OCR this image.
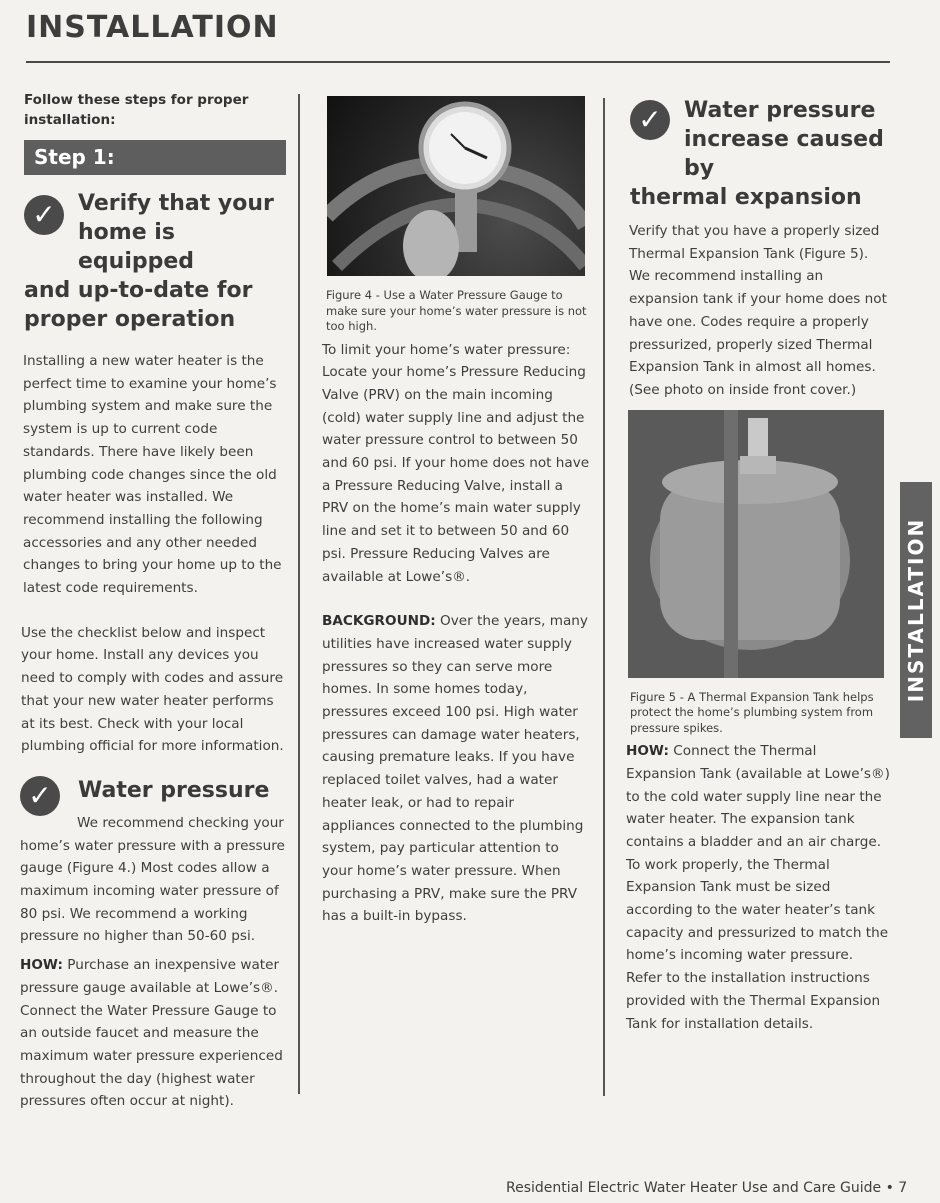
INSTALLATION
Follow these steps for proper installation:
Step 1:
✓	Verify that your
home is equipped
and up-to-date for proper operation

Installing a new water heater is the perfect time to examine your home’s plumbing system and make sure the system is up to current code standards. There have likely been plumbing code changes since the old water heater was installed. We recommend installing the following accessories and any other needed changes to bring your home up to the latest code requirements.

Use the checklist below and inspect your home. Install any devices you need to comply with codes and assure that your new water heater performs at its best. Check with your local plumbing official for more information.

✓	Water pressure

We recommend checking your
home’s water pressure with a pressure gauge (Figure 4.) Most codes allow a maximum incoming water pressure of 80 psi. We recommend a working pressure no higher than 50-60 psi.

HOW: Purchase an inexpensive water pressure gauge available at Lowe’s®. Connect the Water Pressure Gauge to an outside faucet and measure the maximum water pressure experienced throughout the day (highest water pressures often occur at night).

Figure 4 - Use a Water Pressure Gauge to make sure your home’s water pressure is not too high.

To limit your home’s water pressure: Locate your home’s Pressure Reducing Valve (PRV) on the main incoming (cold) water supply line and adjust the water pressure control to between 50 and 60 psi. If your home does not have a Pressure Reducing Valve, install a PRV on the home’s main water supply line and set it to between 50 and 60 psi. Pressure Reducing Valves are available at Lowe’s®.

BACKGROUND: Over the years, many utilities have increased water supply pressures so they can serve more homes. In some homes today, pressures exceed 100 psi. High water pressures can damage water heaters, causing premature leaks. If you have replaced toilet valves, had a water heater leak, or had to repair appliances connected to the plumbing system, pay particular attention to your home’s water pressure. When purchasing a PRV, make sure the PRV has a built-in bypass.

✓	Water pressure
increase caused by
thermal expansion

Verify that you have a properly sized Thermal Expansion Tank (Figure 5). We recommend installing an expansion tank if your home does not have one. Codes require a properly pressurized, properly sized Thermal Expansion Tank in almost all homes. (See photo on inside front cover.)

Figure 5 - A Thermal Expansion Tank helps protect the home’s plumbing system from pressure spikes.

HOW: Connect the Thermal Expansion Tank (available at Lowe’s®) to the cold water supply line near the water heater. The expansion tank contains a bladder and an air charge. To work properly, the Thermal Expansion Tank must be sized according to the water heater’s tank capacity and pressurized to match the home’s incoming water pressure. Refer to the installation instructions provided with the Thermal Expansion Tank for installation details.

INSTALLATION
Residential Electric Water Heater Use and Care Guide • 7
